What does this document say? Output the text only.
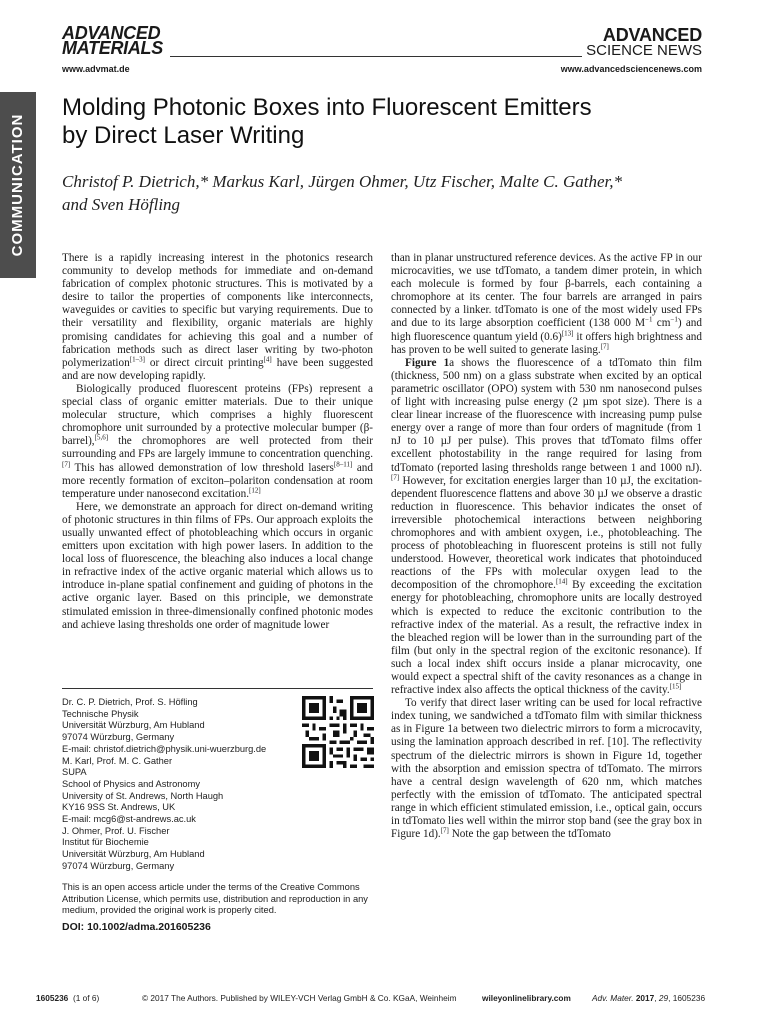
ADVANCED
MATERIALS
ADVANCED
SCIENCE NEWS
www.advmat.de	www.advancedsciencenews.com
COMMUNICATION
Molding Photonic Boxes into Fluorescent Emitters
by Direct Laser Writing
Christof P. Dietrich,* Markus Karl, Jürgen Ohmer, Utz Fischer, Malte C. Gather,*
and Sven Höfling

There is a rapidly increasing interest in the photonics research community to develop methods for immediate and on-demand fabrication of complex photonic structures. This is motivated by a desire to tailor the properties of components like interconnects, waveguides or cavities to specific but varying requirements. Due to their versatility and flexibility, organic materials are highly promising candidates for achieving this goal and a number of fabrication methods such as direct laser writing by two-photon polymerization[1–3] or direct circuit printing[4] have been suggested and are now developing rapidly.

Biologically produced fluorescent proteins (FPs) represent a special class of organic emitter materials. Due to their unique molecular structure, which comprises a highly fluorescent chromophore unit surrounded by a protective molecular bumper (β-barrel),[5,6] the chromophores are well protected from their surrounding and FPs are largely immune to concentration quenching.[7] This has allowed demonstration of low threshold lasers[8–11] and more recently formation of exciton–polariton condensation at room temperature under nanosecond excitation.[12]

Here, we demonstrate an approach for direct on-demand writing of photonic structures in thin films of FPs. Our approach exploits the usually unwanted effect of photobleaching which occurs in organic emitters upon excitation with high power lasers. In addition to the local loss of fluorescence, the bleaching also induces a local change in refractive index of the active organic material which allows us to introduce in-plane spatial confinement and guiding of photons in the active organic layer. Based on this principle, we demonstrate stimulated emission in three-dimensionally confined photonic modes and achieve lasing thresholds one order of magnitude lower

Dr. C. P. Dietrich, Prof. S. Höfling
Technische Physik
Universität Würzburg, Am Hubland
97074 Würzburg, Germany
E-mail: christof.dietrich@physik.uni-wuerzburg.de
M. Karl, Prof. M. C. Gather
SUPA
School of Physics and Astronomy
University of St. Andrews, North Haugh
KY16 9SS St. Andrews, UK
E-mail: mcg6@st-andrews.ac.uk
J. Ohmer, Prof. U. Fischer
Institut für Biochemie
Universität Würzburg, Am Hubland
97074 Würzburg, Germany
This is an open access article under the terms of the Creative Commons Attribution License, which permits use, distribution and reproduction in any medium, provided the original work is properly cited.
DOI: 10.1002/adma.201605236

than in planar unstructured reference devices. As the active FP in our microcavities, we use tdTomato, a tandem dimer protein, in which each molecule is formed by four β-barrels, each containing a chromophore at its center. The four barrels are arranged in pairs connected by a linker. tdTomato is one of the most widely used FPs and due to its large absorption coefficient (138 000 $M^{-1}$ $cm^{-1}$) and high fluorescence quantum yield (0.6)[13] it offers high brightness and has proven to be well suited to generate lasing.[7]

Figure 1a shows the fluorescence of a tdTomato thin film (thickness, 500 nm) on a glass substrate when excited by an optical parametric oscillator (OPO) system with 530 nm nanosecond pulses of light with increasing pulse energy (2 µm spot size). There is a clear linear increase of the fluorescence with increasing pump pulse energy over a range of more than four orders of magnitude (from 1 nJ to 10 µJ per pulse). This proves that tdTomato films offer excellent photostability in the range required for lasing from tdTomato (reported lasing thresholds range between 1 and 1000 nJ).[7] However, for excitation energies larger than 10 µJ, the excitation-dependent fluorescence flattens and above 30 µJ we observe a drastic reduction in fluorescence. This behavior indicates the onset of irreversible photochemical interactions between neighboring chromophores and with ambient oxygen, i.e., photobleaching. The process of photobleaching in fluorescent proteins is still not fully understood. However, theoretical work indicates that photoinduced reactions of the FPs with molecular oxygen lead to the decomposition of the chromophore.[14] By exceeding the excitation energy for photobleaching, chromophore units are locally destroyed which is expected to reduce the excitonic contribution to the refractive index of the material. As a result, the refractive index in the bleached region will be lower than in the surrounding part of the film (but only in the spectral region of the excitonic resonance). If such a local index shift occurs inside a planar microcavity, one would expect a spectral shift of the cavity resonances as a change in refractive index also affects the optical thickness of the cavity.[15]

To verify that direct laser writing can be used for local refractive index tuning, we sandwiched a tdTomato film with similar thickness as in Figure 1a between two dielectric mirrors to form a microcavity, using the lamination approach described in ref. [10]. The reflectivity spectrum of the dielectric mirrors is shown in Figure 1d, together with the absorption and emission spectra of tdTomato. The mirrors have a central design wavelength of 620 nm, which matches perfectly with the emission of tdTomato. The anticipated spectral range in which efficient stimulated emission, i.e., optical gain, occurs in tdTomato lies well within the mirror stop band (see the gray box in Figure 1d).[7] Note the gap between the tdTomato

1605236 (1 of 6)	© 2017 The Authors. Published by WILEY-VCH Verlag GmbH & Co. KGaA, Weinheim	wileyonlinelibrary.com	Adv. Mater. 2017, 29, 1605236
